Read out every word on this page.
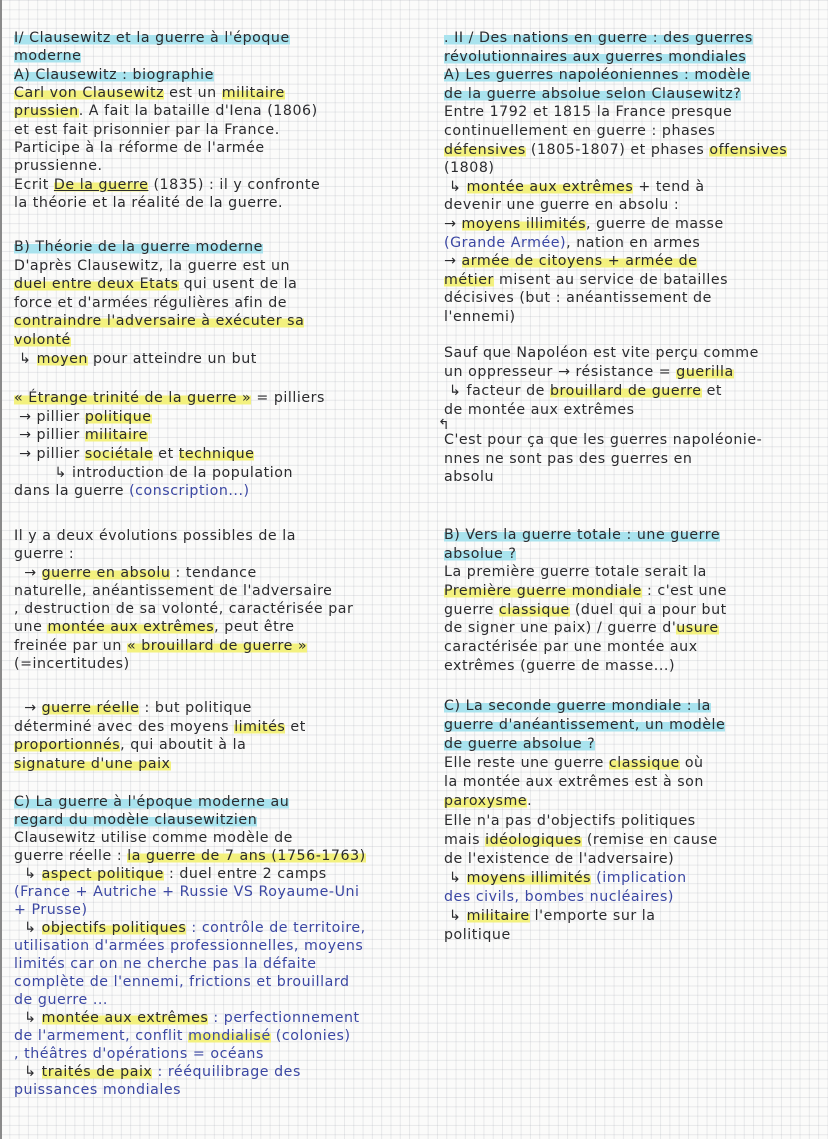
I/ Clausewitz et la guerre à l'époque
moderne
A) Clausewitz : biographie
Carl von Clausewitz est un militaire
prussien. A fait la bataille d'Iena (1806)
et est fait prisonnier par la France.
Participe à la réforme de l'armée
prussienne.
Ecrit De la guerre (1835) : il y confronte
la théorie et la réalité de la guerre.
B) Théorie de la guerre moderne
D'après Clausewitz, la guerre est un
duel entre deux Etats qui usent de la
force et d'armées régulières afin de
contraindre l'adversaire à exécuter sa
volonté
↳ moyen pour atteindre un but
« Étrange trinité de la guerre » = pilliers
→ pillier politique
→ pillier militaire
→ pillier sociétale et technique
↳ introduction de la population
dans la guerre (conscription...)
Il y a deux évolutions possibles de la
guerre :
→ guerre en absolu : tendance
naturelle, anéantissement de l'adversaire
, destruction de sa volonté, caractérisée par
une montée aux extrêmes, peut être
freinée par un « brouillard de guerre »
(=incertitudes)
→ guerre réelle : but politique
déterminé avec des moyens limités et
proportionnés, qui aboutit à la
signature d'une paix
C) La guerre à l'époque moderne au
regard du modèle clausewitzien
Clausewitz utilise comme modèle de
guerre réelle : la guerre de 7 ans (1756-1763)
↳ aspect politique : duel entre 2 camps
(France + Autriche + Russie VS Royaume-Uni
+ Prusse)
↳ objectifs politiques : contrôle de territoire,
utilisation d'armées professionnelles, moyens
limités car on ne cherche pas la défaite
complète de l'ennemi, frictions et brouillard
de guerre ...
↳ montée aux extrêmes : perfectionnement
de l'armement, conflit mondialisé (colonies)
, théâtres d'opérations = océans
↳ traités de paix : rééquilibrage des
puissances mondiales
. II / Des nations en guerre : des guerres
révolutionnaires aux guerres mondiales
A) Les guerres napoléoniennes : modèle
de la guerre absolue selon Clausewitz?
Entre 1792 et 1815 la France presque
continuellement en guerre : phases
défensives (1805-1807) et phases offensives
(1808)
↳ montée aux extrêmes + tend à
devenir une guerre en absolu :
→ moyens illimités, guerre de masse
(Grande Armée), nation en armes
→ armée de citoyens + armée de
métier misent au service de batailles
décisives (but : anéantissement de
l'ennemi)
Sauf que Napoléon est vite perçu comme
un oppresseur → résistance = guerilla
↳ facteur de brouillard de guerre et
de montée aux extrêmes
↰
C'est pour ça que les guerres napoléonie-
nnes ne sont pas des guerres en
absolu
B) Vers la guerre totale : une guerre
absolue ?
La première guerre totale serait la
Première guerre mondiale : c'est une
guerre classique (duel qui a pour but
de signer une paix) / guerre d'usure
caractérisée par une montée aux
extrêmes (guerre de masse...)
C) La seconde guerre mondiale : la
guerre d'anéantissement, un modèle
de guerre absolue ?
Elle reste une guerre classique où
la montée aux extrêmes est à son
paroxysme.
Elle n'a pas d'objectifs politiques
mais idéologiques (remise en cause
de l'existence de l'adversaire)
↳ moyens illimités (implication
des civils, bombes nucléaires)
↳ militaire l'emporte sur la
politique
